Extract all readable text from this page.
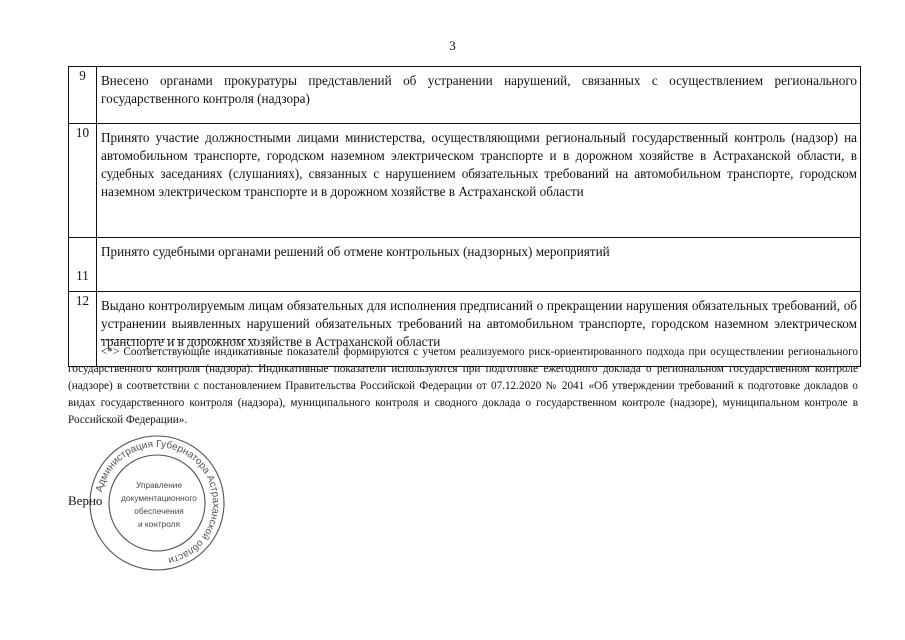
3
9	Внесено органами прокуратуры представлений об устранении нарушений, связанных с осуществлением регионального государственного контроля (надзора)
10	Принято участие должностными лицами министерства, осуществляющими региональный государственный контроль (надзор) на автомобильном транспорте, городском наземном электрическом транспорте и в дорожном хозяйстве в Астраханской области, в судебных заседаниях (слушаниях), связанных с нарушением обязательных требований на автомобильном транспорте, городском наземном электрическом транспорте и в дорожном хозяйстве в Астраханской области
11	Принято судебными органами решений об отмене контрольных (надзорных) мероприятий
12	Выдано контролируемым лицам обязательных для исполнения предписаний о прекращении нарушения обязательных требований, об устранении выявленных нарушений обязательных требований на автомобильном транспорте, городском наземном электрическом транспорте и в дорожном хозяйстве в Астраханской области
<*> Соответствующие индикативные показатели формируются с учетом реализуемого риск-ориентированного подхода при осуществлении регионального государственного контроля (надзора). Индикативные показатели используются при подготовке ежегодного доклада о региональном государственном контроле (надзоре) в соответствии с постановлением Правительства Российской Федерации от 07.12.2020 № 2041 «Об утверждении требований к подготовке докладов о видах государственного контроля (надзора), муниципального контроля и сводного доклада о государственном контроле (надзоре), муниципальном контроле в Российской Федерации».
Верно
Администрация Губернатора Астраханской области
Управление
документационного
обеспечения
и контроля
